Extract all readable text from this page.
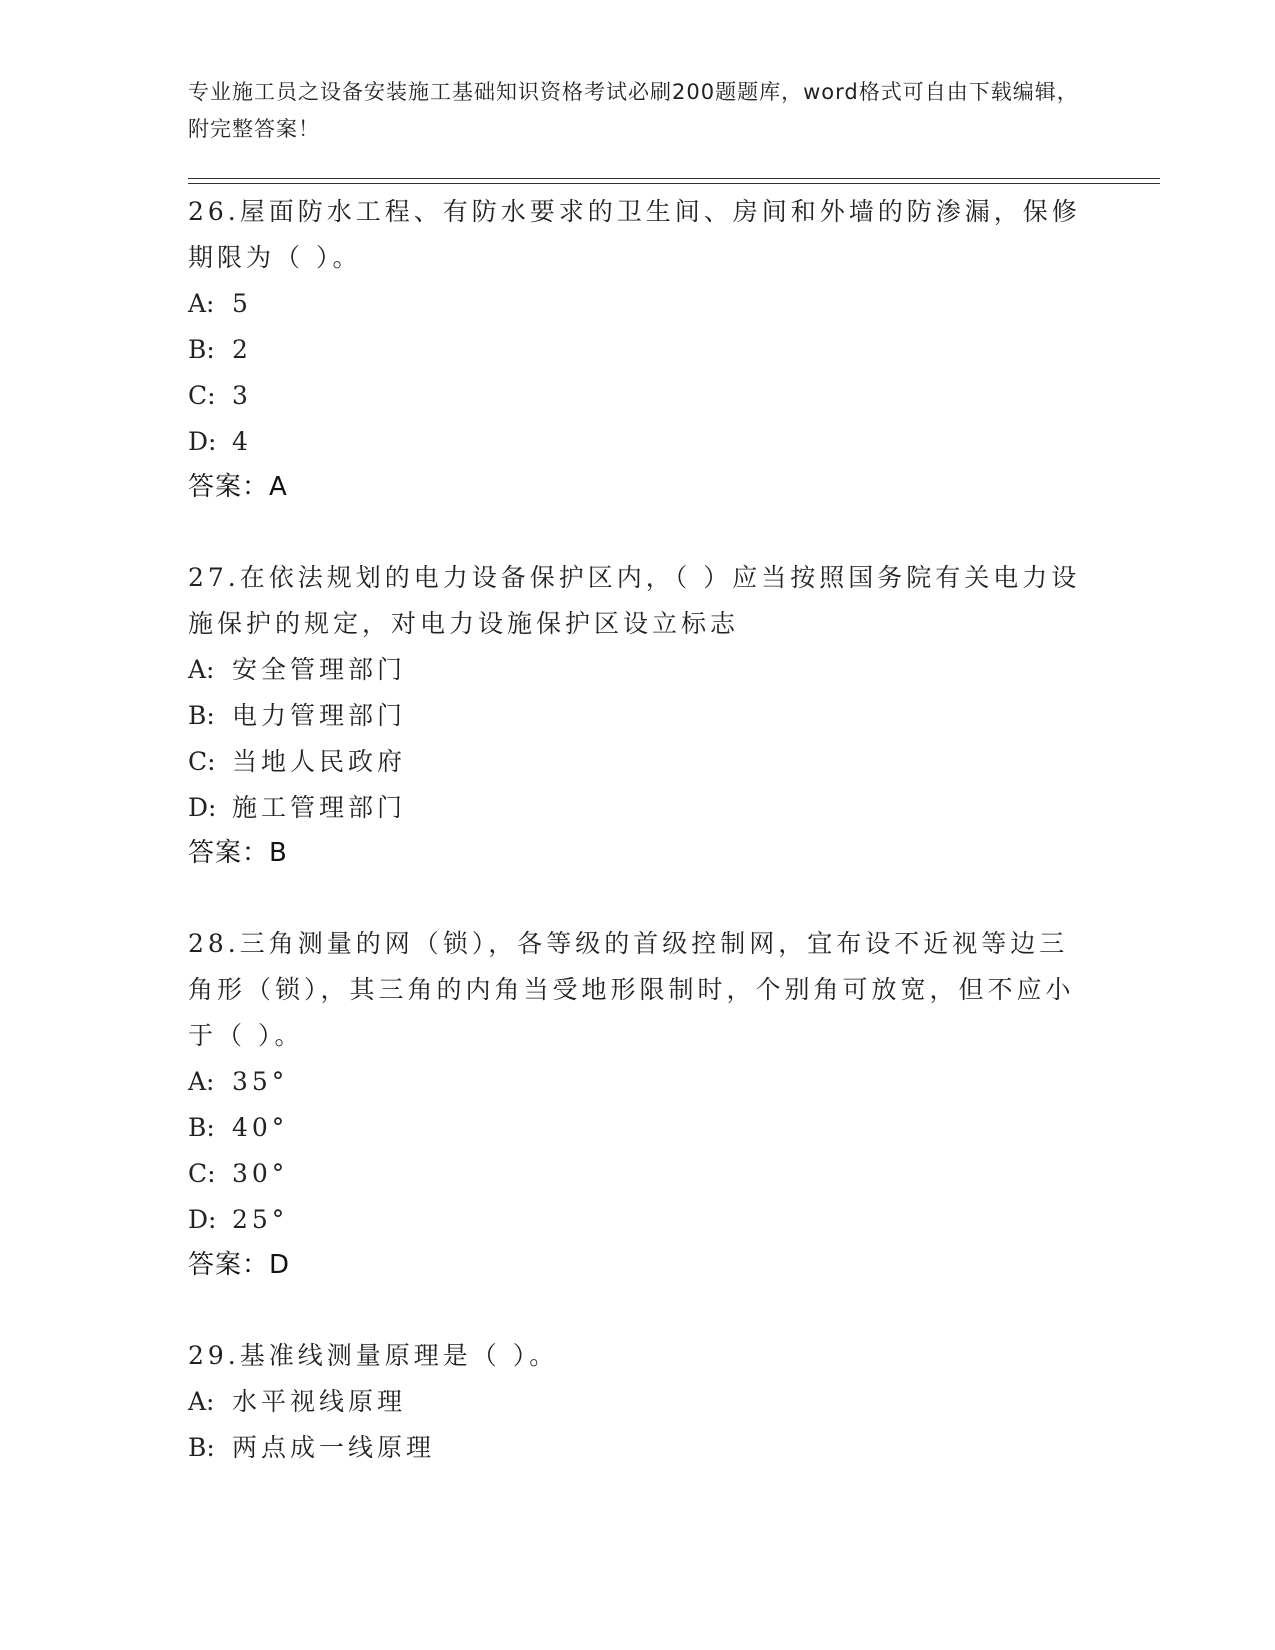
专业施工员之设备安装施工基础知识资格考试必刷200题题库，word格式可自由下载编辑，附完整答案！

26.屋面防水工程、有防水要求的卫生间、房间和外墙的防渗漏，保修期限为（ ）。

A: 5

B: 2

C: 3

D: 4

答案：A

27.在依法规划的电力设备保护区内，（ ）应当按照国务院有关电力设施保护的规定，对电力设施保护区设立标志

A: 安全管理部门

B: 电力管理部门

C: 当地人民政府

D: 施工管理部门

答案：B

28.三角测量的网（锁），各等级的首级控制网，宜布设不近视等边三角形（锁），其三角的内角当受地形限制时，个别角可放宽，但不应小于（ ）。

A: 35°

B: 40°

C: 30°

D: 25°

答案：D

29.基准线测量原理是（ ）。

A: 水平视线原理

B: 两点成一线原理
